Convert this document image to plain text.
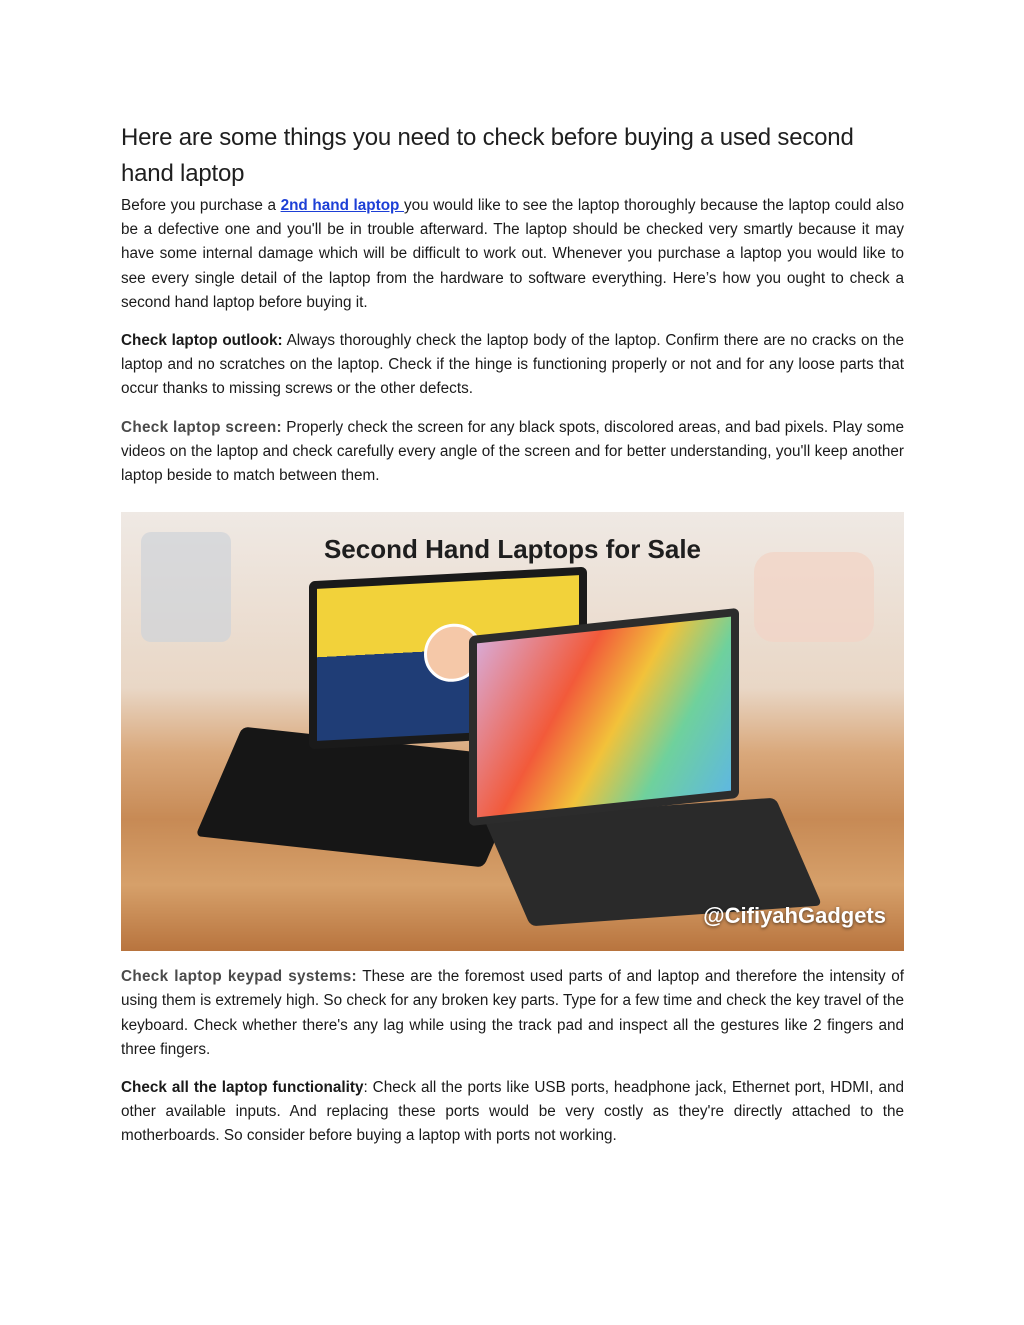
Here are some things you need to check before buying a used second hand laptop

Before you purchase a 2nd hand laptop you would like to see the laptop thoroughly because the laptop could also be a defective one and you'll be in trouble afterward. The laptop should be checked very smartly because it may have some internal damage which will be difficult to work out. Whenever you purchase a laptop you would like to see every single detail of the laptop from the hardware to software everything. Here’s how you ought to check a second hand laptop before buying it.

Check laptop outlook: Always thoroughly check the laptop body of the laptop. Confirm there are no cracks on the laptop and no scratches on the laptop. Check if the hinge is functioning properly or not and for any loose parts that occur thanks to missing screws or the other defects.

Check laptop screen: Properly check the screen for any black spots, discolored areas, and bad pixels. Play some videos on the laptop and check carefully every angle of the screen and for better understanding, you'll keep another laptop beside to match between them.

Second Hand Laptops for Sale
@CifiyahGadgets

Check laptop keypad systems: These are the foremost used parts of and laptop and therefore the intensity of using them is extremely high. So check for any broken key parts. Type for a few time and check the key travel of the keyboard. Check whether there's any lag while using the track pad and inspect all the gestures like 2 fingers and three fingers.

Check all the laptop functionality: Check all the ports like USB ports, headphone jack, Ethernet port, HDMI, and other available inputs. And replacing these ports would be very costly as they're directly attached to the motherboards. So consider before buying a laptop with ports not working.
